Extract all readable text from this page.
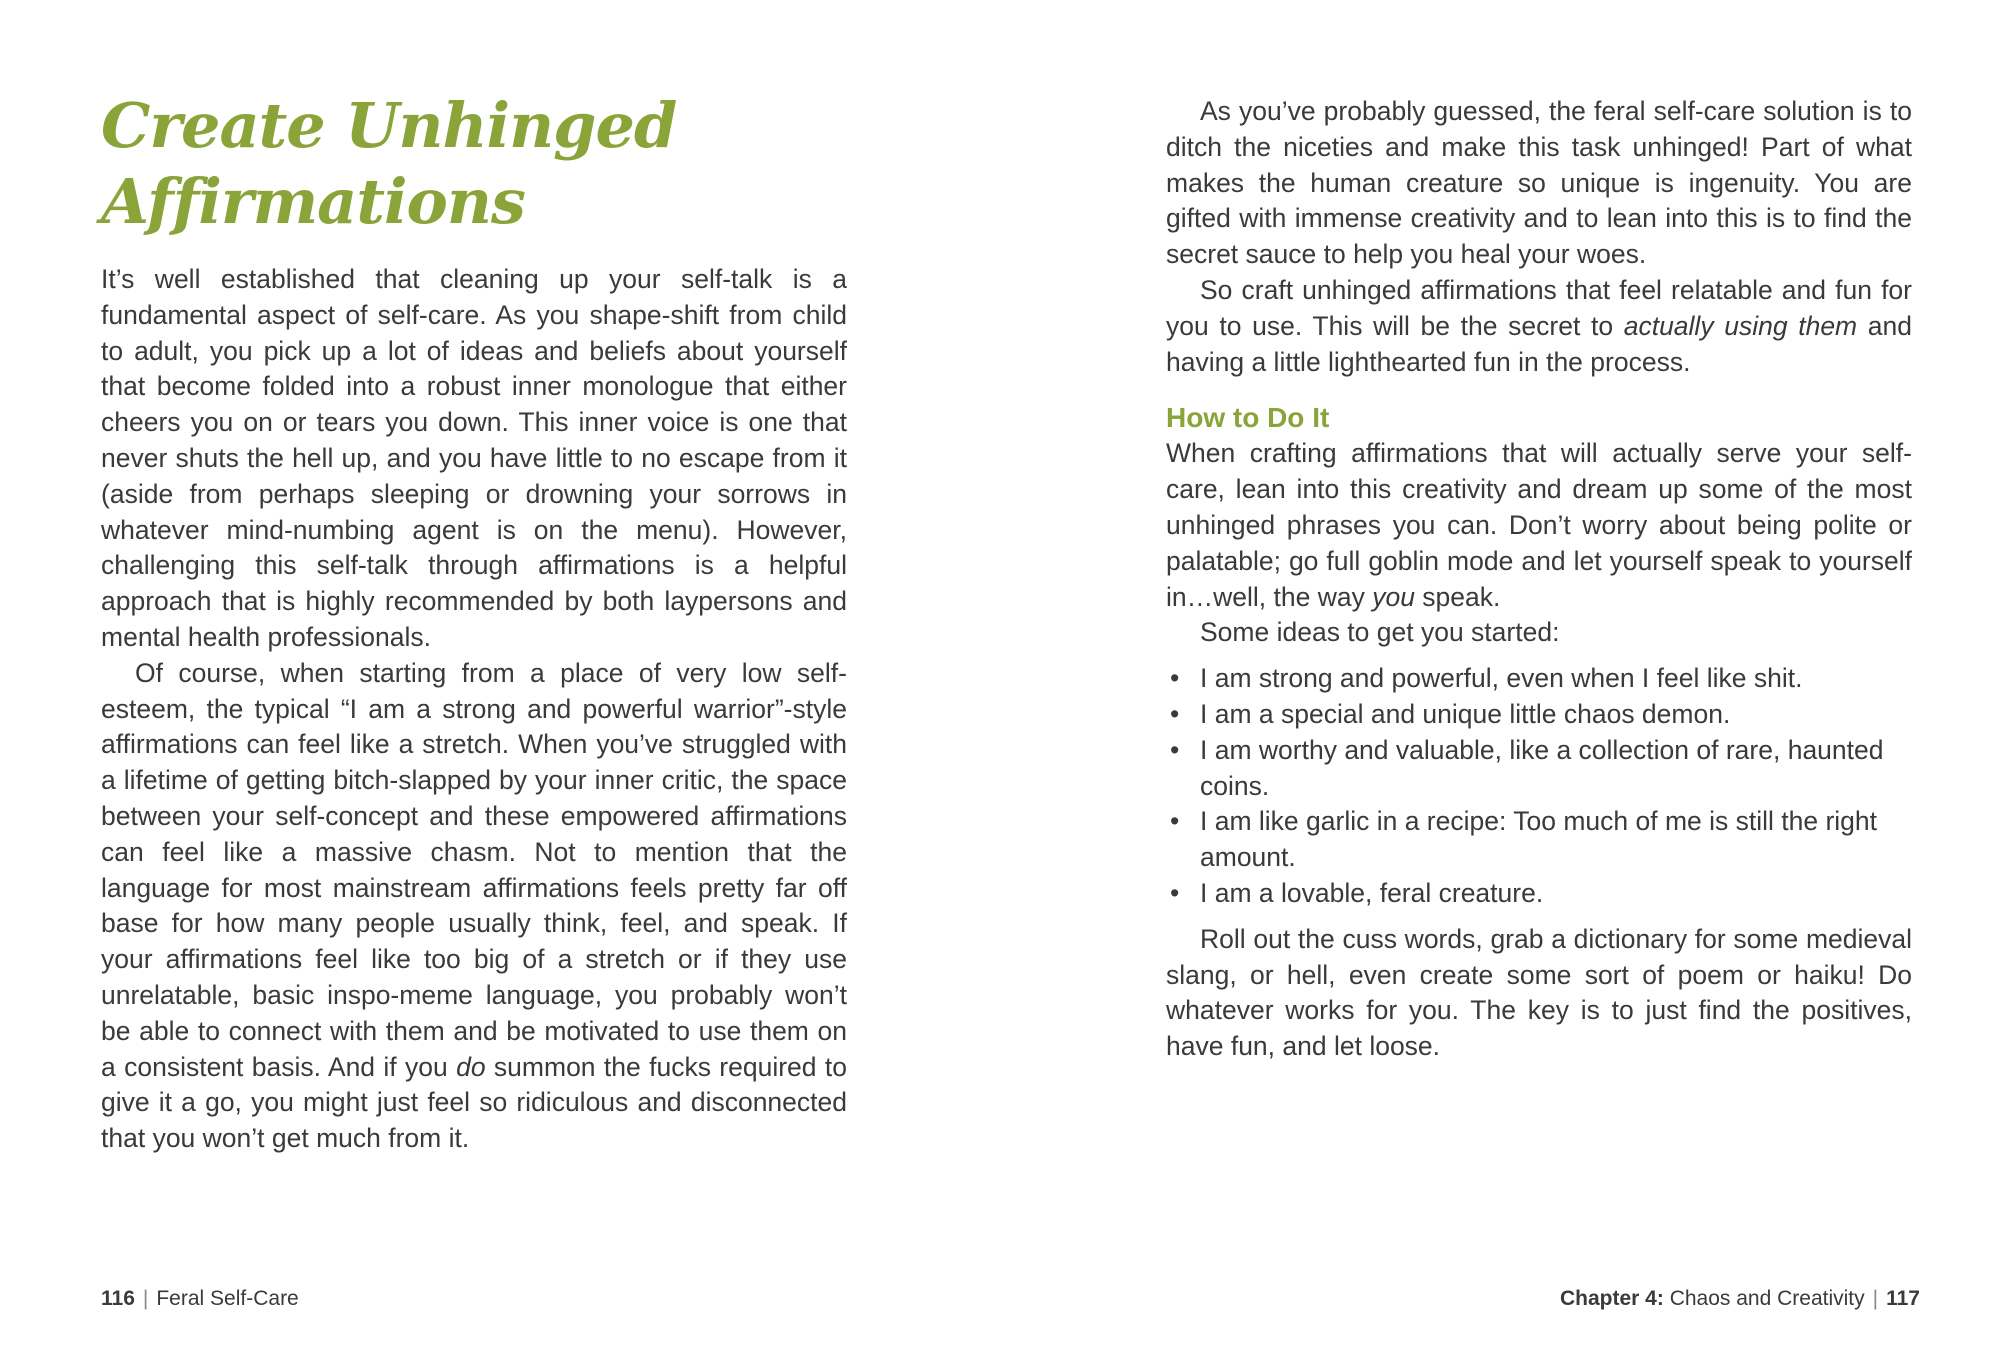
Create Unhinged
Affirmations

It’s well established that cleaning up your self-talk is a fundamental aspect of self-care. As you shape-shift from child to adult, you pick up a lot of ideas and beliefs about yourself that become folded into a robust inner monologue that either cheers you on or tears you down. This inner voice is one that never shuts the hell up, and you have little to no escape from it (aside from perhaps sleeping or drowning your sorrows in whatever mind-numbing agent is on the menu). However, challenging this self-talk through affirmations is a helpful approach that is highly recommended by both laypersons and mental health professionals.

Of course, when starting from a place of very low self-esteem, the typical “I am a strong and powerful warrior”-style affirmations can feel like a stretch. When you’ve struggled with a lifetime of getting bitch-slapped by your inner critic, the space between your self-concept and these empowered affirmations can feel like a massive chasm. Not to mention that the language for most mainstream affirmations feels pretty far off base for how many people usually think, feel, and speak. If your affirmations feel like too big of a stretch or if they use unrelatable, basic inspo-meme language, you probably won’t be able to connect with them and be motivated to use them on a consistent basis. And if you do summon the fucks required to give it a go, you might just feel so ridiculous and disconnected that you won’t get much from it.

116 | Feral Self-Care

As you’ve probably guessed, the feral self-care solution is to ditch the niceties and make this task unhinged! Part of what makes the human creature so unique is ingenuity. You are gifted with immense creativity and to lean into this is to find the secret sauce to help you heal your woes.

So craft unhinged affirmations that feel relatable and fun for you to use. This will be the secret to actually using them and having a little lighthearted fun in the process.

How to Do It

When crafting affirmations that will actually serve your self-care, lean into this creativity and dream up some of the most unhinged phrases you can. Don’t worry about being polite or palatable; go full goblin mode and let yourself speak to yourself in…well, the way you speak.

Some ideas to get you started:

• I am strong and powerful, even when I feel like shit.
• I am a special and unique little chaos demon.
• I am worthy and valuable, like a collection of rare, haunted coins.
• I am like garlic in a recipe: Too much of me is still the right amount.
• I am a lovable, feral creature.

Roll out the cuss words, grab a dictionary for some medieval slang, or hell, even create some sort of poem or haiku! Do whatever works for you. The key is to just find the positives, have fun, and let loose.

Chapter 4: Chaos and Creativity | 117
